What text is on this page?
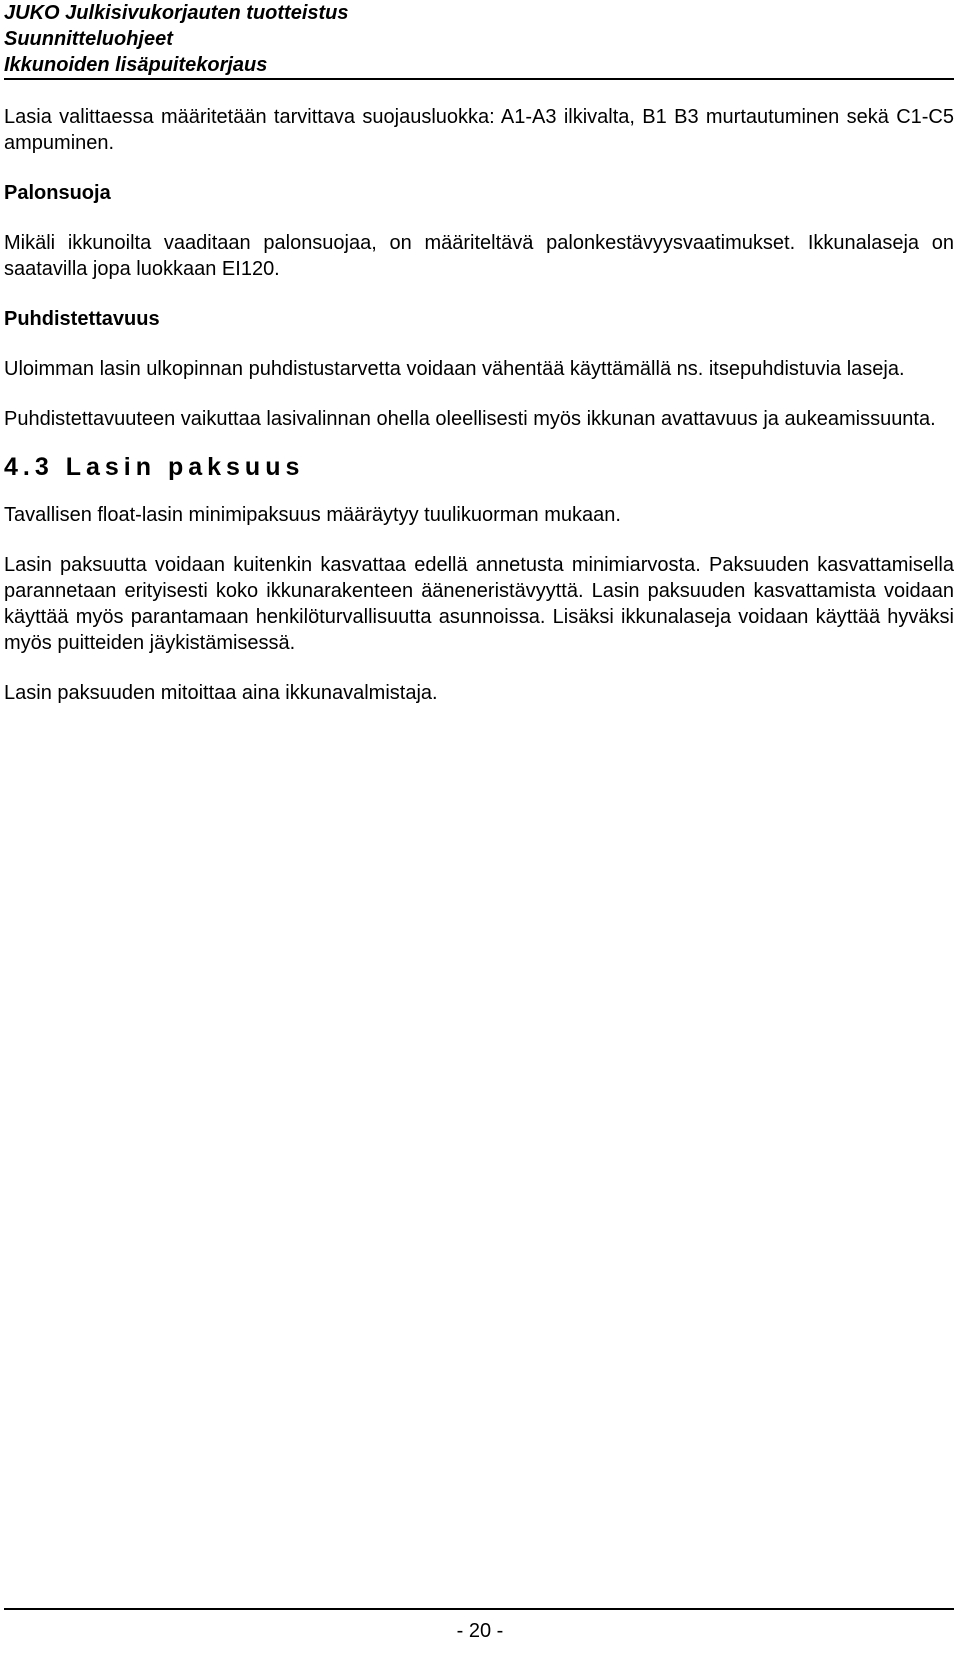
JUKO Julkisivukorjauten tuotteistus
Suunnitteluohjeet
Ikkunoiden lisäpuitekorjaus

Lasia valittaessa määritetään tarvittava suojausluokka: A1-A3 ilkivalta, B1 B3 murtautuminen sekä C1-C5 ampuminen.

Palonsuoja

Mikäli ikkunoilta vaaditaan palonsuojaa, on määriteltävä palonkestävyysvaatimukset. Ikkunalaseja on saatavilla jopa luokkaan EI120.

Puhdistettavuus

Uloimman lasin ulkopinnan puhdistustarvetta voidaan vähentää käyttämällä ns. itsepuhdistuvia laseja.

Puhdistettavuuteen vaikuttaa lasivalinnan ohella oleellisesti myös ikkunan avattavuus ja aukeamissuunta.

4.3 Lasin paksuus

Tavallisen float-lasin minimipaksuus määräytyy tuulikuorman mukaan.

Lasin paksuutta voidaan kuitenkin kasvattaa edellä annetusta minimiarvosta. Paksuuden kasvattamisella parannetaan erityisesti koko ikkunarakenteen ääneneristävyyttä. Lasin paksuuden kasvattamista voidaan käyttää myös parantamaan henkilöturvallisuutta asunnoissa. Lisäksi ikkunalaseja voidaan käyttää hyväksi myös puitteiden jäykistämisessä.

Lasin paksuuden mitoittaa aina ikkunavalmistaja.

- 20 -
